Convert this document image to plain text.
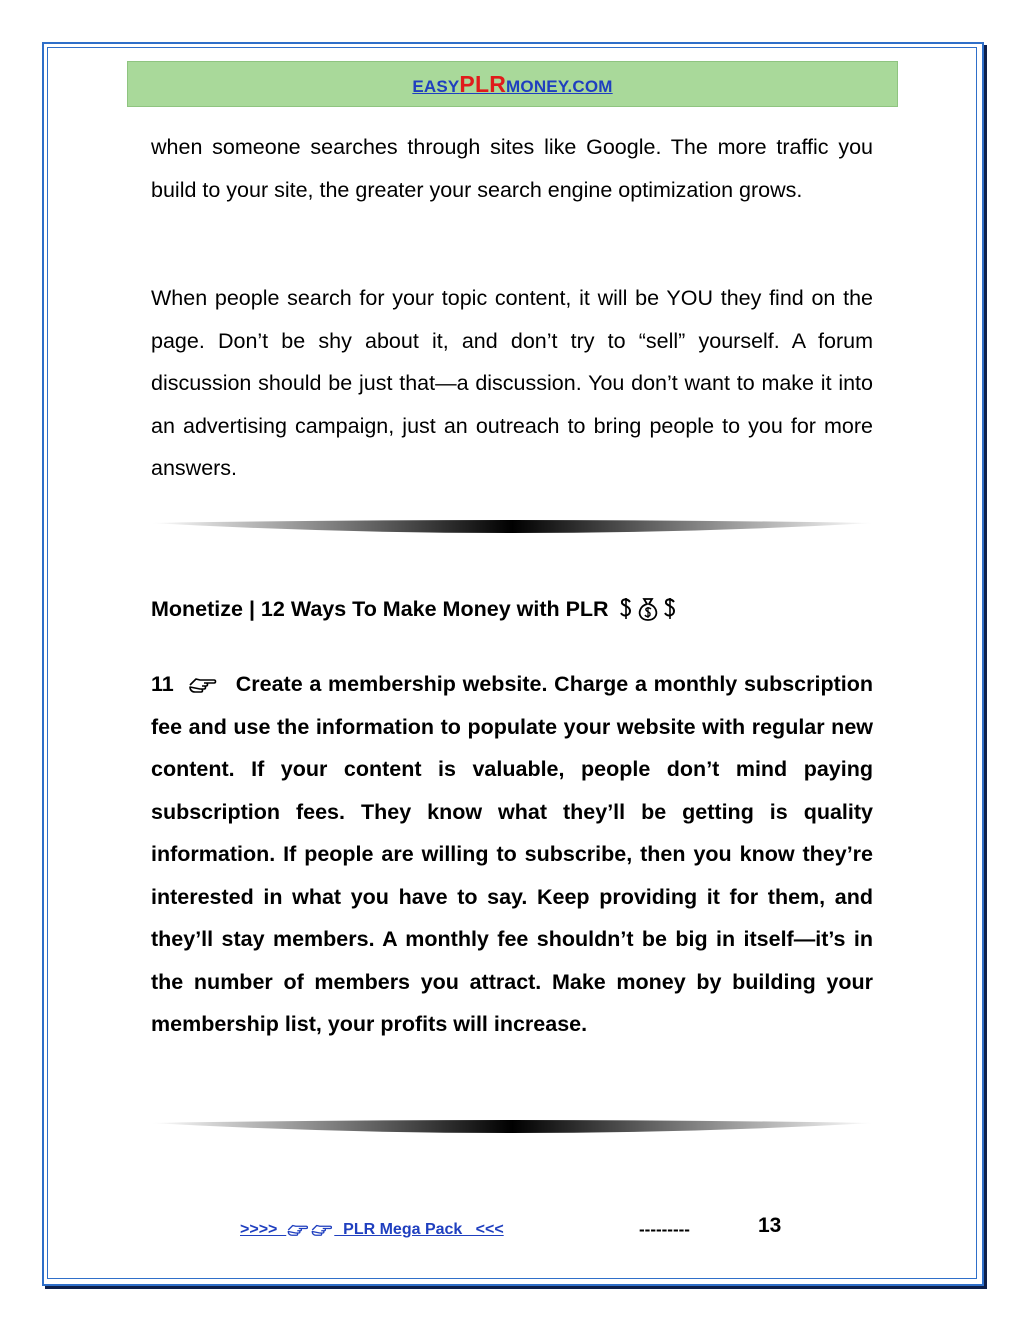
EASYPLRMONEY.COM

when someone searches through sites like Google. The more traffic you build to your site, the greater your search engine optimization grows.

When people search for your topic content, it will be YOU they find on the page. Don’t be shy about it, and don’t try to “sell” yourself. A forum discussion should be just that—a discussion. You don’t want to make it into an advertising campaign, just an outreach to bring people to you for more answers.

Monetize | 12 Ways To Make Money with PLR

11	Create a membership website. Charge a monthly subscription fee and use the information to populate your website with regular new content. If your content is valuable, people don’t mind paying subscription fees. They know what they’ll be getting is quality information. If people are willing to subscribe, then you know they’re interested in what you have to say. Keep providing it for them, and they’ll stay members. A monthly fee shouldn’t be big in itself—it’s in the number of members you attract. Make money by building your membership list, your profits will increase.

>>>>	PLR Mega Pack   <<<	---------	13
